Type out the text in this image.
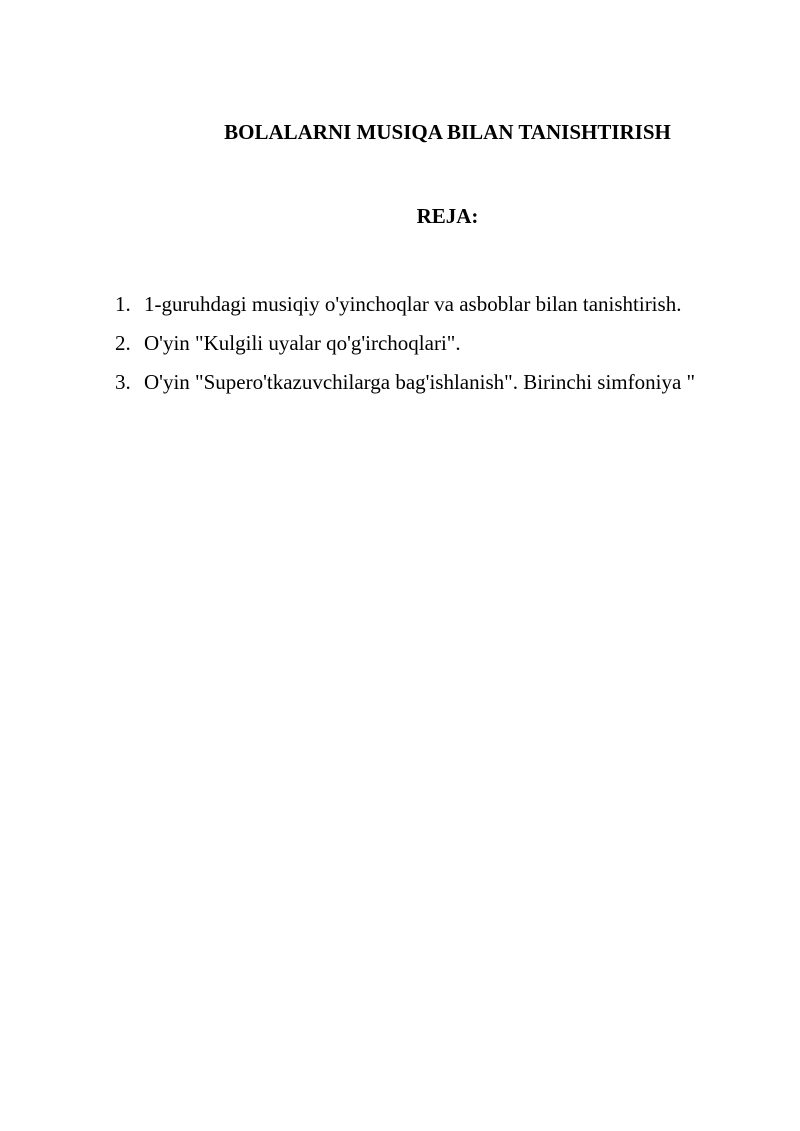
BOLALARNI MUSIQA BILAN TANISHTIRISH
REJA:
1. 1-guruhdagi musiqiy o'yinchoqlar va asboblar bilan tanishtirish.
2. O'yin "Kulgili uyalar qo'g'irchoqlari".
3. O'yin "Supero'tkazuvchilarga bag'ishlanish". Birinchi simfoniya "
